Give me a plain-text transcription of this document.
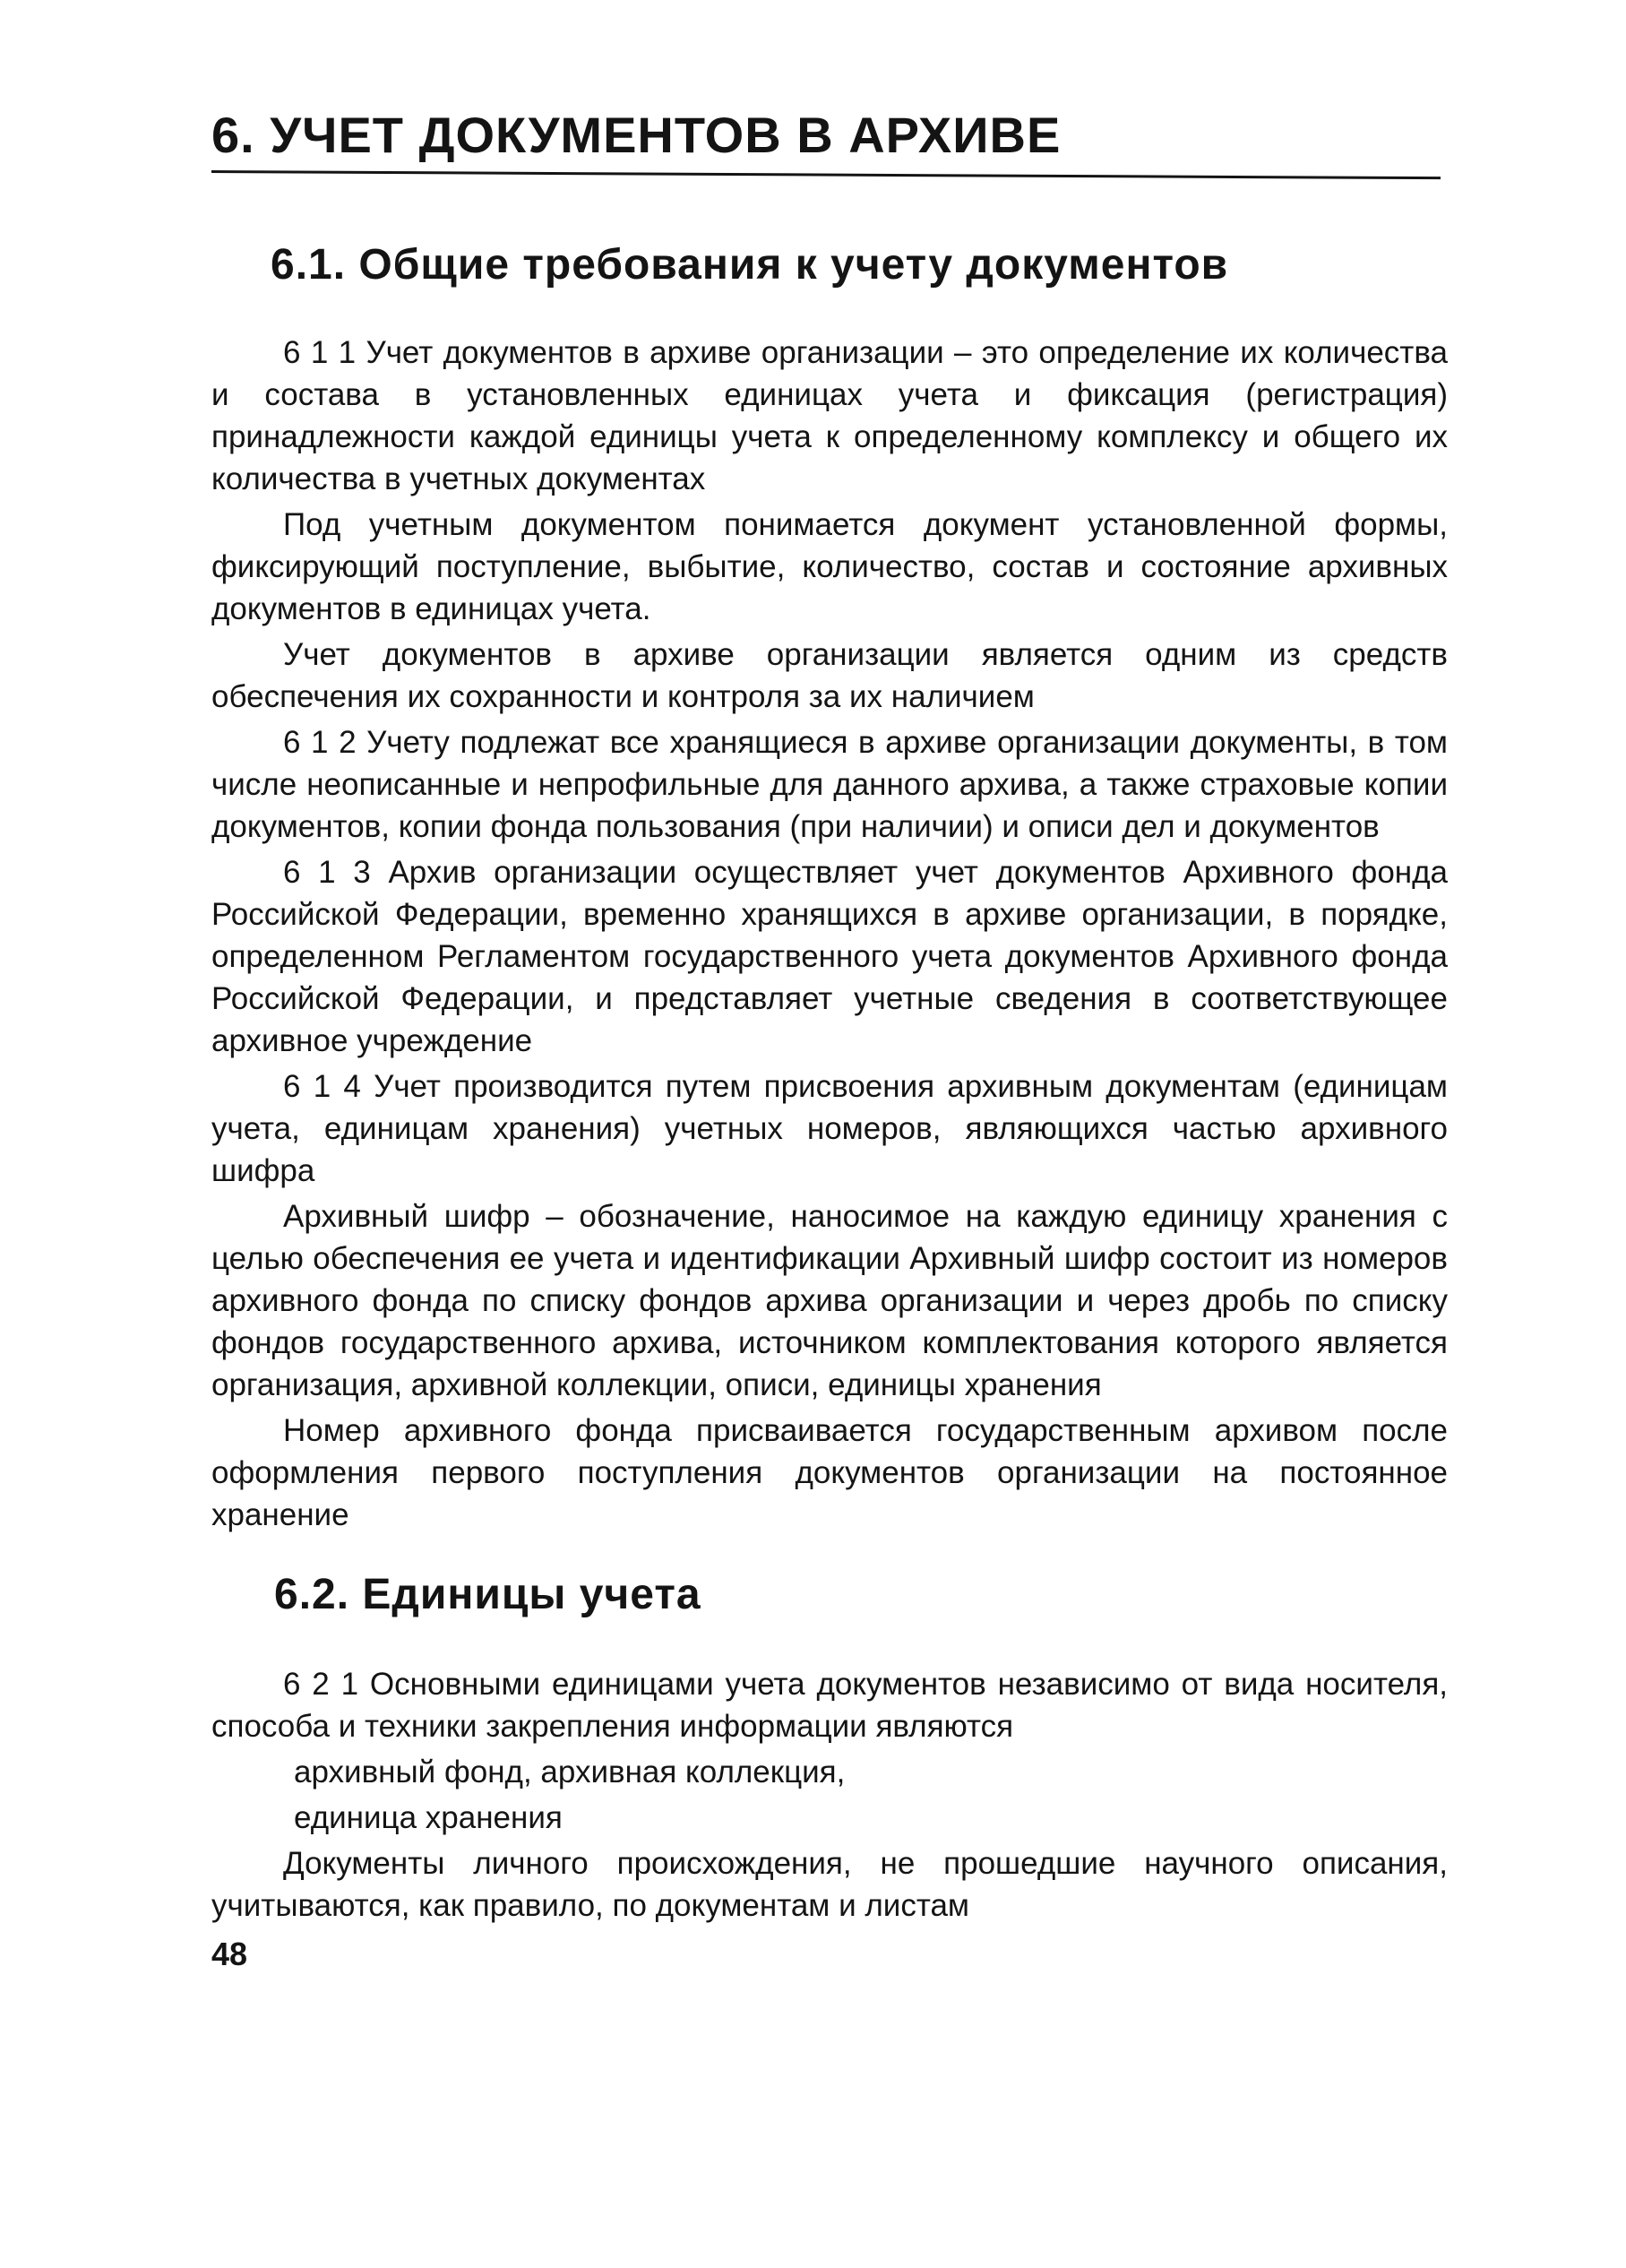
6. УЧЕТ ДОКУМЕНТОВ В АРХИВЕ
6.1. Общие требования к учету документов

6 1 1 Учет документов в архиве организации – это определение их количества и состава в установленных единицах учета и фиксация (регистрация) принадлежности каждой единицы учета к определенному комплексу и общего их количества в учетных документах

Под учетным документом понимается документ установленной формы, фиксирующий поступление, выбытие, количество, состав и состояние архивных документов в единицах учета.

Учет документов в архиве организации является одним из средств обеспечения их сохранности и контроля за их наличием

6 1 2 Учету подлежат все хранящиеся в архиве организации документы, в том числе неописанные и непрофильные для данного архива, а также страховые копии документов, копии фонда пользования (при наличии) и описи дел и документов

6 1 3 Архив организации осуществляет учет документов Архивного фонда Российской Федерации, временно хранящихся в архиве организации, в порядке, определенном Регламентом государственного учета документов Архивного фонда Российской Федерации, и представляет учетные сведения в соответствующее архивное учреждение

6 1 4 Учет производится путем присвоения архивным документам (единицам учета, единицам хранения) учетных номеров, являющихся частью архивного шифра

Архивный шифр – обозначение, наносимое на каждую единицу хранения с целью обеспечения ее учета и идентификации Архивный шифр состоит из номеров архивного фонда по списку фондов архива организации и через дробь по списку фондов государственного архива, источником комплектования которого является организация, архивной коллекции, описи, единицы хранения

Номер архивного фонда присваивается государственным архивом после оформления первого поступления документов организации на постоянное хранение

6.2. Единицы учета

6 2 1 Основными единицами учета документов независимо от вида носителя, способа и техники закрепления информации являются

архивный фонд, архивная коллекция,

единица хранения

Документы личного происхождения, не прошедшие научного описания, учитываются, как правило, по документам и листам

48
